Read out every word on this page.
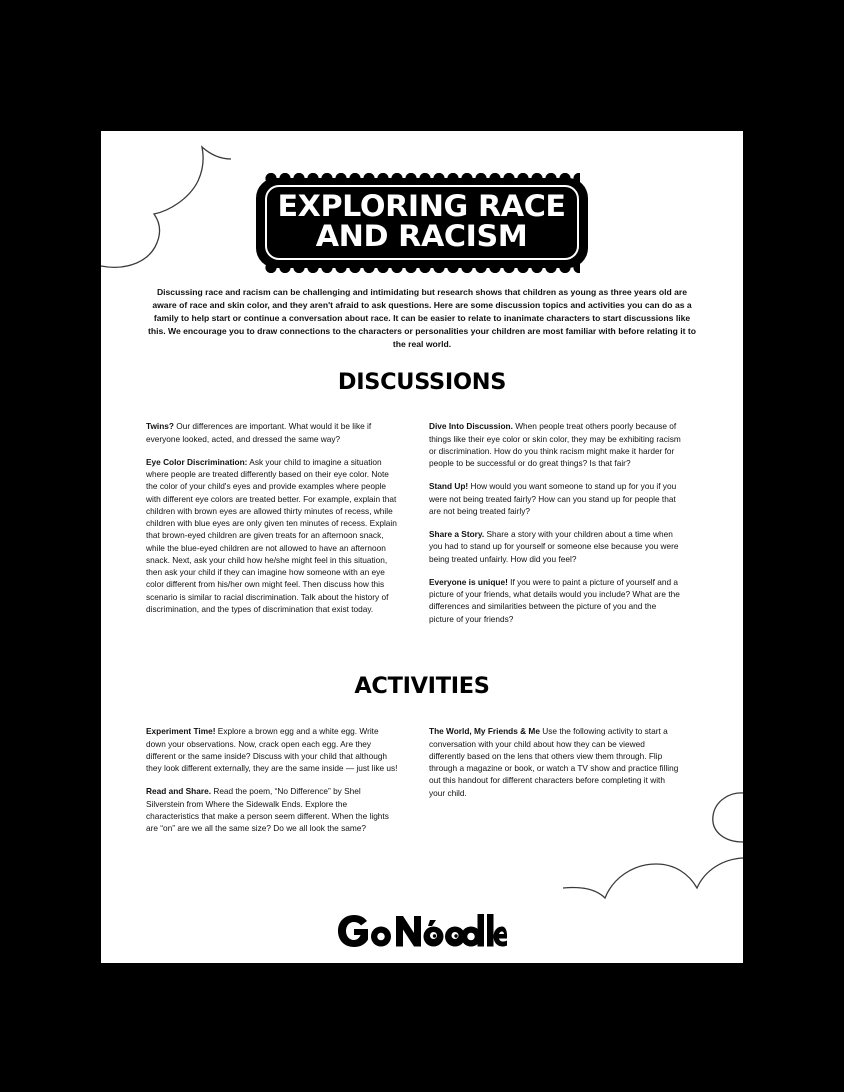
EXPLORING RACE
AND RACISM

Discussing race and racism can be challenging and intimidating but research shows that children as young as three years old are aware of race and skin color, and they aren't afraid to ask questions. Here are some discussion topics and activities you can do as a family to help start or continue a conversation about race. It can be easier to relate to inanimate characters to start discussions like this. We encourage you to draw connections to the characters or personalities your children are most familiar with before relating it to the real world.

DISCUSSIONS

Twins? Our differences are important. What would it be like if everyone looked, acted, and dressed the same way?

Eye Color Discrimination: Ask your child to imagine a situation where people are treated differently based on their eye color. Note the color of your child's eyes and provide examples where people with different eye colors are treated better. For example, explain that children with brown eyes are allowed thirty minutes of recess, while children with blue eyes are only given ten minutes of recess. Explain that brown-eyed children are given treats for an afternoon snack, while the blue-eyed children are not allowed to have an afternoon snack. Next, ask your child how he/she might feel in this situation, then ask your child if they can imagine how someone with an eye color different from his/her own might feel. Then discuss how this scenario is similar to racial discrimination. Talk about the history of discrimination, and the types of discrimination that exist today.

Dive Into Discussion. When people treat others poorly because of things like their eye color or skin color, they may be exhibiting racism or discrimination. How do you think racism might make it harder for people to be successful or do great things? Is that fair?

Stand Up! How would you want someone to stand up for you if you were not being treated fairly? How can you stand up for people that are not being treated fairly?

Share a Story. Share a story with your children about a time when you had to stand up for yourself or someone else because you were being treated unfairly. How did you feel?

Everyone is unique! If you were to paint a picture of yourself and a picture of your friends, what details would you include? What are the differences and similarities between the picture of you and the picture of your friends?

ACTIVITIES

Experiment Time! Explore a brown egg and a white egg. Write down your observations. Now, crack open each egg. Are they different or the same inside? Discuss with your child that although they look different externally, they are the same inside — just like us!

Read and Share. Read the poem, “No Difference” by Shel Silverstein from Where the Sidewalk Ends. Explore the characteristics that make a person seem different. When the lights are “on” are we all the same size? Do we all look the same?

The World, My Friends & Me Use the following activity to start a conversation with your child about how they can be viewed differently based on the lens that others view them through. Flip through a magazine or book, or watch a TV show and practice filling out this handout for different characters before completing it with your child.
